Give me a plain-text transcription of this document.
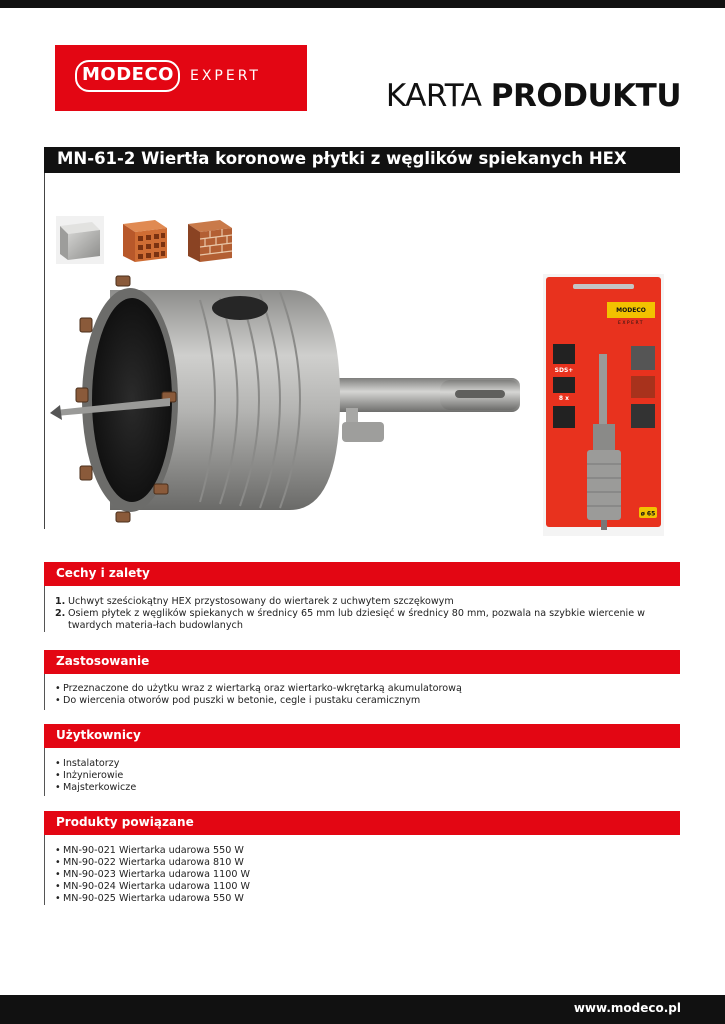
MODECO EXPERT
KARTA PRODUKTU
MN-61-2 Wiertła koronowe płytki z węglików spiekanych HEX
MODECO
EXPERT
SDS+
8 x
ø 65
Cechy i zalety
1. Uchwyt sześciokątny HEX przystosowany do wiertarek z uchwytem szczękowym
2. Osiem płytek z węglików spiekanych w średnicy 65 mm lub dziesięć w średnicy 80 mm, pozwala na szybkie wiercenie w twardych materia-łach budowlanych
Zastosowanie
• Przeznaczone do użytku wraz z wiertarką oraz wiertarko-wkrętarką akumulatorową
• Do wiercenia otworów pod puszki w betonie, cegle i pustaku ceramicznym
Użytkownicy
• Instalatorzy
• Inżynierowie
• Majsterkowicze
Produkty powiązane
• MN-90-021 Wiertarka udarowa 550 W
• MN-90-022 Wiertarka udarowa 810 W
• MN-90-023 Wiertarka udarowa 1100 W
• MN-90-024 Wiertarka udarowa 1100 W
• MN-90-025 Wiertarka udarowa 550 W
www.modeco.pl
